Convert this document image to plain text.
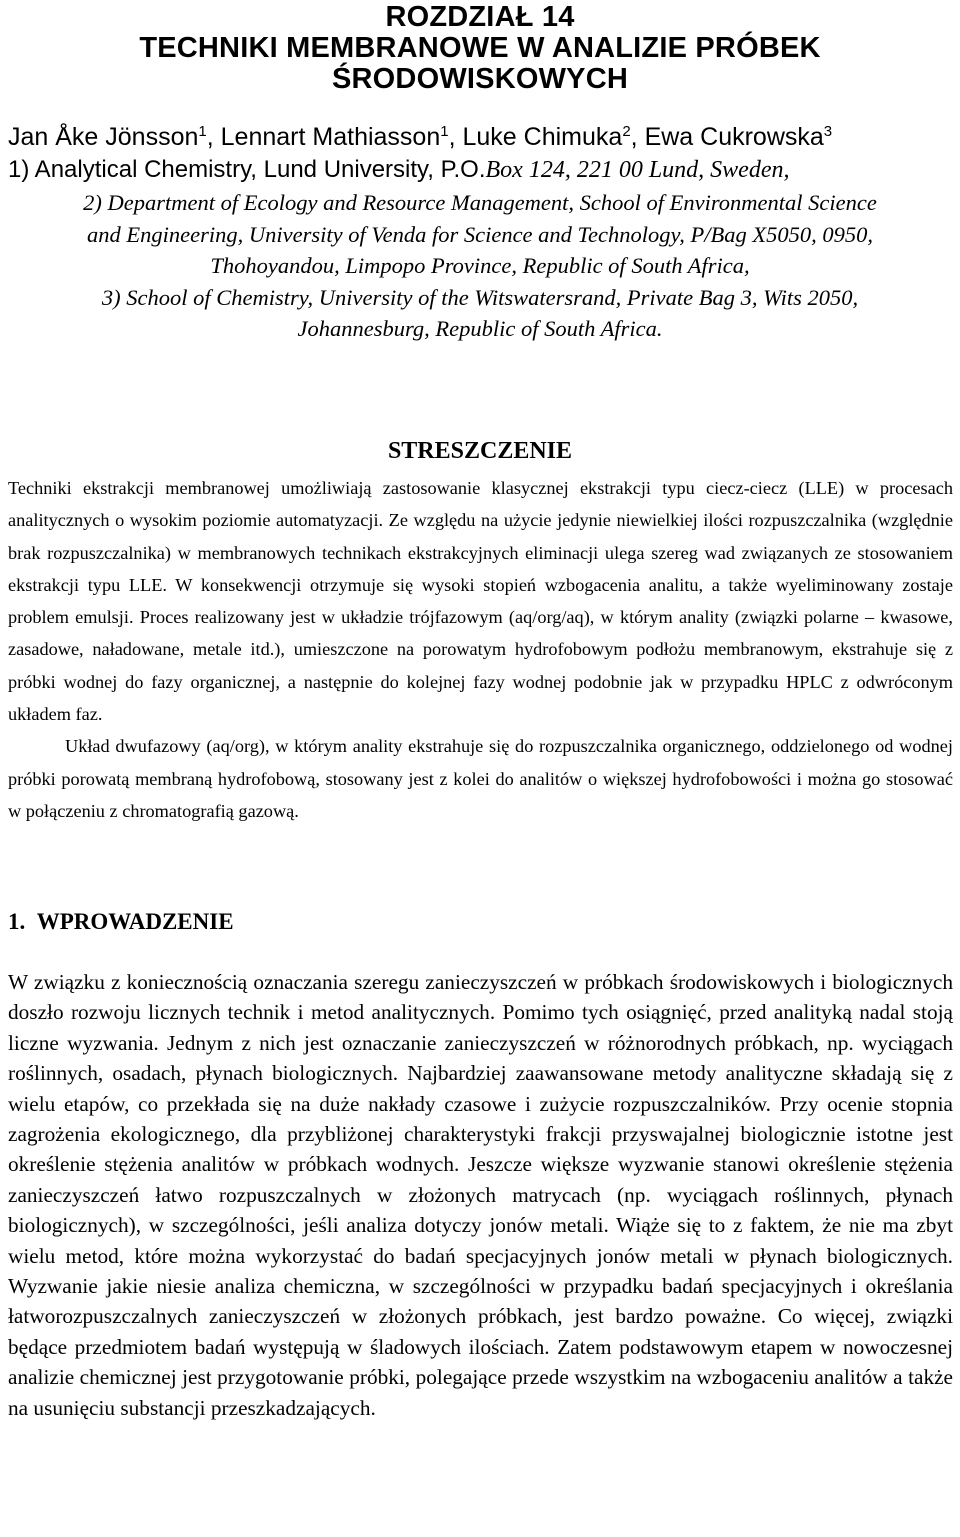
ROZDZIAŁ 14
TECHNIKI MEMBRANOWE W ANALIZIE PRÓBEK
ŚRODOWISKOWYCH
Jan Åke Jönsson$^1$, Lennart Mathiasson$^1$, Luke Chimuka$^2$, Ewa Cukrowska$^3$
1) Analytical Chemistry, Lund University, P.O.Box 124, 221 00 Lund, Sweden,
2) Department of Ecology and Resource Management, School of Environmental Science
and Engineering, University of Venda for Science and Technology, P/Bag X5050, 0950,
Thohoyandou, Limpopo Province, Republic of South Africa,
3) School of Chemistry, University of the Witswatersrand, Private Bag 3, Wits 2050,
Johannesburg, Republic of South Africa.
STRESZCZENIE

Techniki ekstrakcji membranowej umożliwiają zastosowanie klasycznej ekstrakcji typu ciecz-ciecz (LLE) w procesach analitycznych o wysokim poziomie automatyzacji. Ze względu na użycie jedynie niewielkiej ilości rozpuszczalnika (względnie brak rozpuszczalnika) w membranowych technikach ekstrakcyjnych eliminacji ulega szereg wad związanych ze stosowaniem ekstrakcji typu LLE. W konsekwencji otrzymuje się wysoki stopień wzbogacenia analitu, a także wyeliminowany zostaje problem emulsji. Proces realizowany jest w układzie trójfazowym (aq/org/aq), w którym anality (związki polarne – kwasowe, zasadowe, naładowane, metale itd.), umieszczone na porowatym hydrofobowym podłożu membranowym, ekstrahuje się z próbki wodnej do fazy organicznej, a następnie do kolejnej fazy wodnej podobnie jak w przypadku HPLC z odwróconym układem faz.

Układ dwufazowy (aq/org), w którym anality ekstrahuje się do rozpuszczalnika organicznego, oddzielonego od wodnej próbki porowatą membraną hydrofobową, stosowany jest z kolei do analitów o większej hydrofobowości i można go stosować w połączeniu z chromatografią gazową.

1. WPROWADZENIE

W związku z koniecznością oznaczania szeregu zanieczyszczeń w próbkach środowiskowych i biologicznych doszło rozwoju licznych technik i metod analitycznych. Pomimo tych osiągnięć, przed analityką nadal stoją liczne wyzwania. Jednym z nich jest oznaczanie zanieczyszczeń w różnorodnych próbkach, np. wyciągach roślinnych, osadach, płynach biologicznych. Najbardziej zaawansowane metody analityczne składają się z wielu etapów, co przekłada się na duże nakłady czasowe i zużycie rozpuszczalników. Przy ocenie stopnia zagrożenia ekologicznego, dla przybliżonej charakterystyki frakcji przyswajalnej biologicznie istotne jest określenie stężenia analitów w próbkach wodnych. Jeszcze większe wyzwanie stanowi określenie stężenia zanieczyszczeń łatwo rozpuszczalnych w złożonych matrycach (np. wyciągach roślinnych, płynach biologicznych), w szczególności, jeśli analiza dotyczy jonów metali. Wiąże się to z faktem, że nie ma zbyt wielu metod, które można wykorzystać do badań specjacyjnych jonów metali w płynach biologicznych. Wyzwanie jakie niesie analiza chemiczna, w szczególności w przypadku badań specjacyjnych i określania łatworozpuszczalnych zanieczyszczeń w złożonych próbkach, jest bardzo poważne. Co więcej, związki będące przedmiotem badań występują w śladowych ilościach. Zatem podstawowym etapem w nowoczesnej analizie chemicznej jest przygotowanie próbki, polegające przede wszystkim na wzbogaceniu analitów a także na usunięciu substancji przeszkadzających.
